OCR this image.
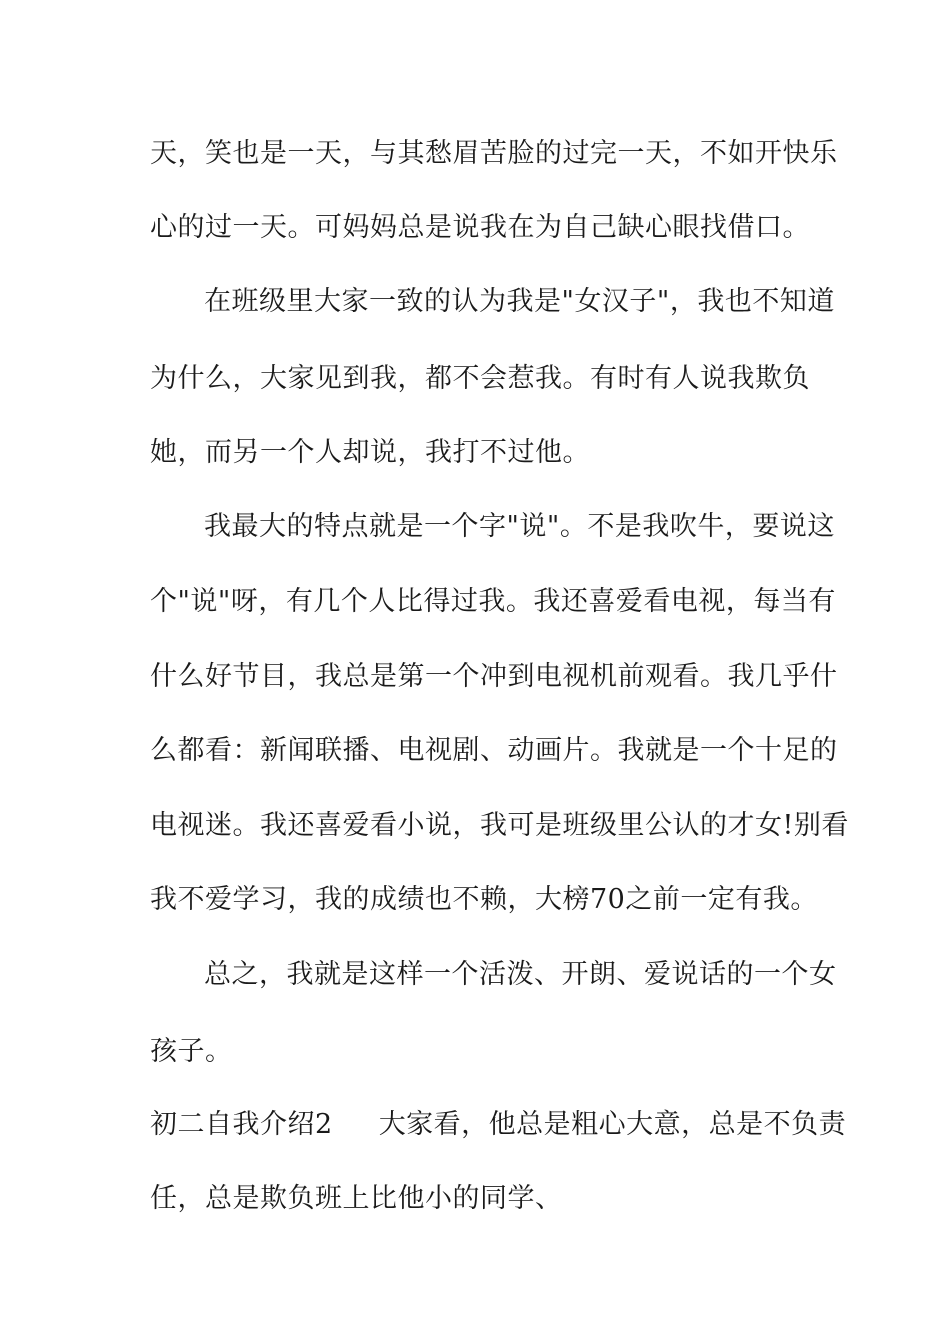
天，笑也是一天，与其愁眉苦脸的过完一天，不如开快乐
心的过一天。可妈妈总是说我在为自己缺心眼找借口。
在班级里大家一致的认为我是"女汉子"，我也不知道
为什么，大家见到我，都不会惹我。有时有人说我欺负
她，而另一个人却说，我打不过他。
我最大的特点就是一个字"说"。不是我吹牛，要说这
个"说"呀，有几个人比得过我。我还喜爱看电视，每当有
什么好节目，我总是第一个冲到电视机前观看。我几乎什
么都看：新闻联播、电视剧、动画片。我就是一个十足的
电视迷。我还喜爱看小说，我可是班级里公认的才女!别看
我不爱学习，我的成绩也不赖，大榜70之前一定有我。
总之，我就是这样一个活泼、开朗、爱说话的一个女
孩子。
初二自我介绍2 大家看，他总是粗心大意，总是不负责
任，总是欺负班上比他小的同学、
